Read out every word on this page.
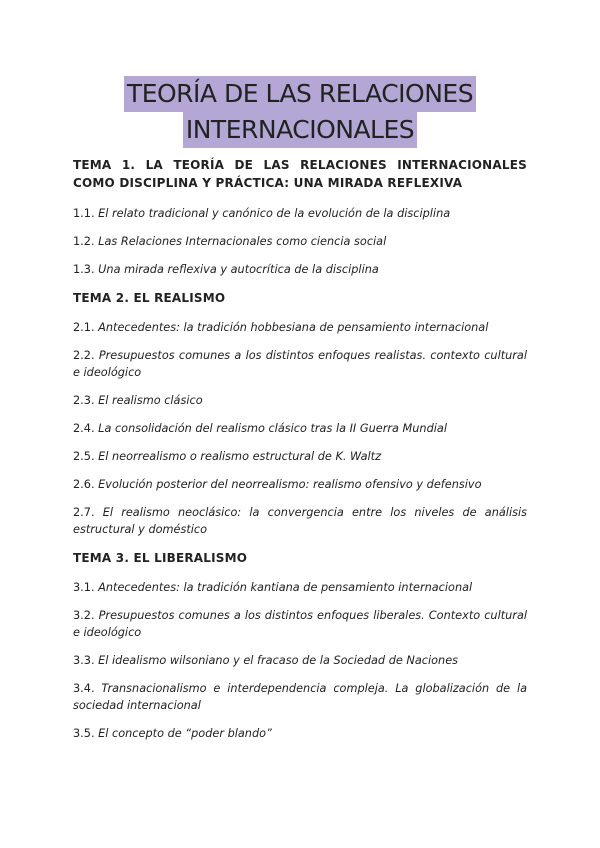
TEORÍA DE LAS RELACIONES
INTERNACIONALES
TEMA 1. LA TEORÍA DE LAS RELACIONES INTERNACIONALES COMO DISCIPLINA Y PRÁCTICA: UNA MIRADA REFLEXIVA
1.1. El relato tradicional y canónico de la evolución de la disciplina
1.2. Las Relaciones Internacionales como ciencia social
1.3. Una mirada reflexiva y autocrítica de la disciplina
TEMA 2. EL REALISMO
2.1. Antecedentes: la tradición hobbesiana de pensamiento internacional
2.2. Presupuestos comunes a los distintos enfoques realistas. contexto cultural e ideológico
2.3. El realismo clásico
2.4. La consolidación del realismo clásico tras la II Guerra Mundial
2.5. El neorrealismo o realismo estructural de K. Waltz
2.6. Evolución posterior del neorrealismo: realismo ofensivo y defensivo
2.7. El realismo neoclásico: la convergencia entre los niveles de análisis estructural y doméstico
TEMA 3. EL LIBERALISMO
3.1. Antecedentes: la tradición kantiana de pensamiento internacional
3.2. Presupuestos comunes a los distintos enfoques liberales. Contexto cultural e ideológico
3.3. El idealismo wilsoniano y el fracaso de la Sociedad de Naciones
3.4. Transnacionalismo e interdependencia compleja. La globalización de la sociedad internacional
3.5. El concepto de “poder blando”
